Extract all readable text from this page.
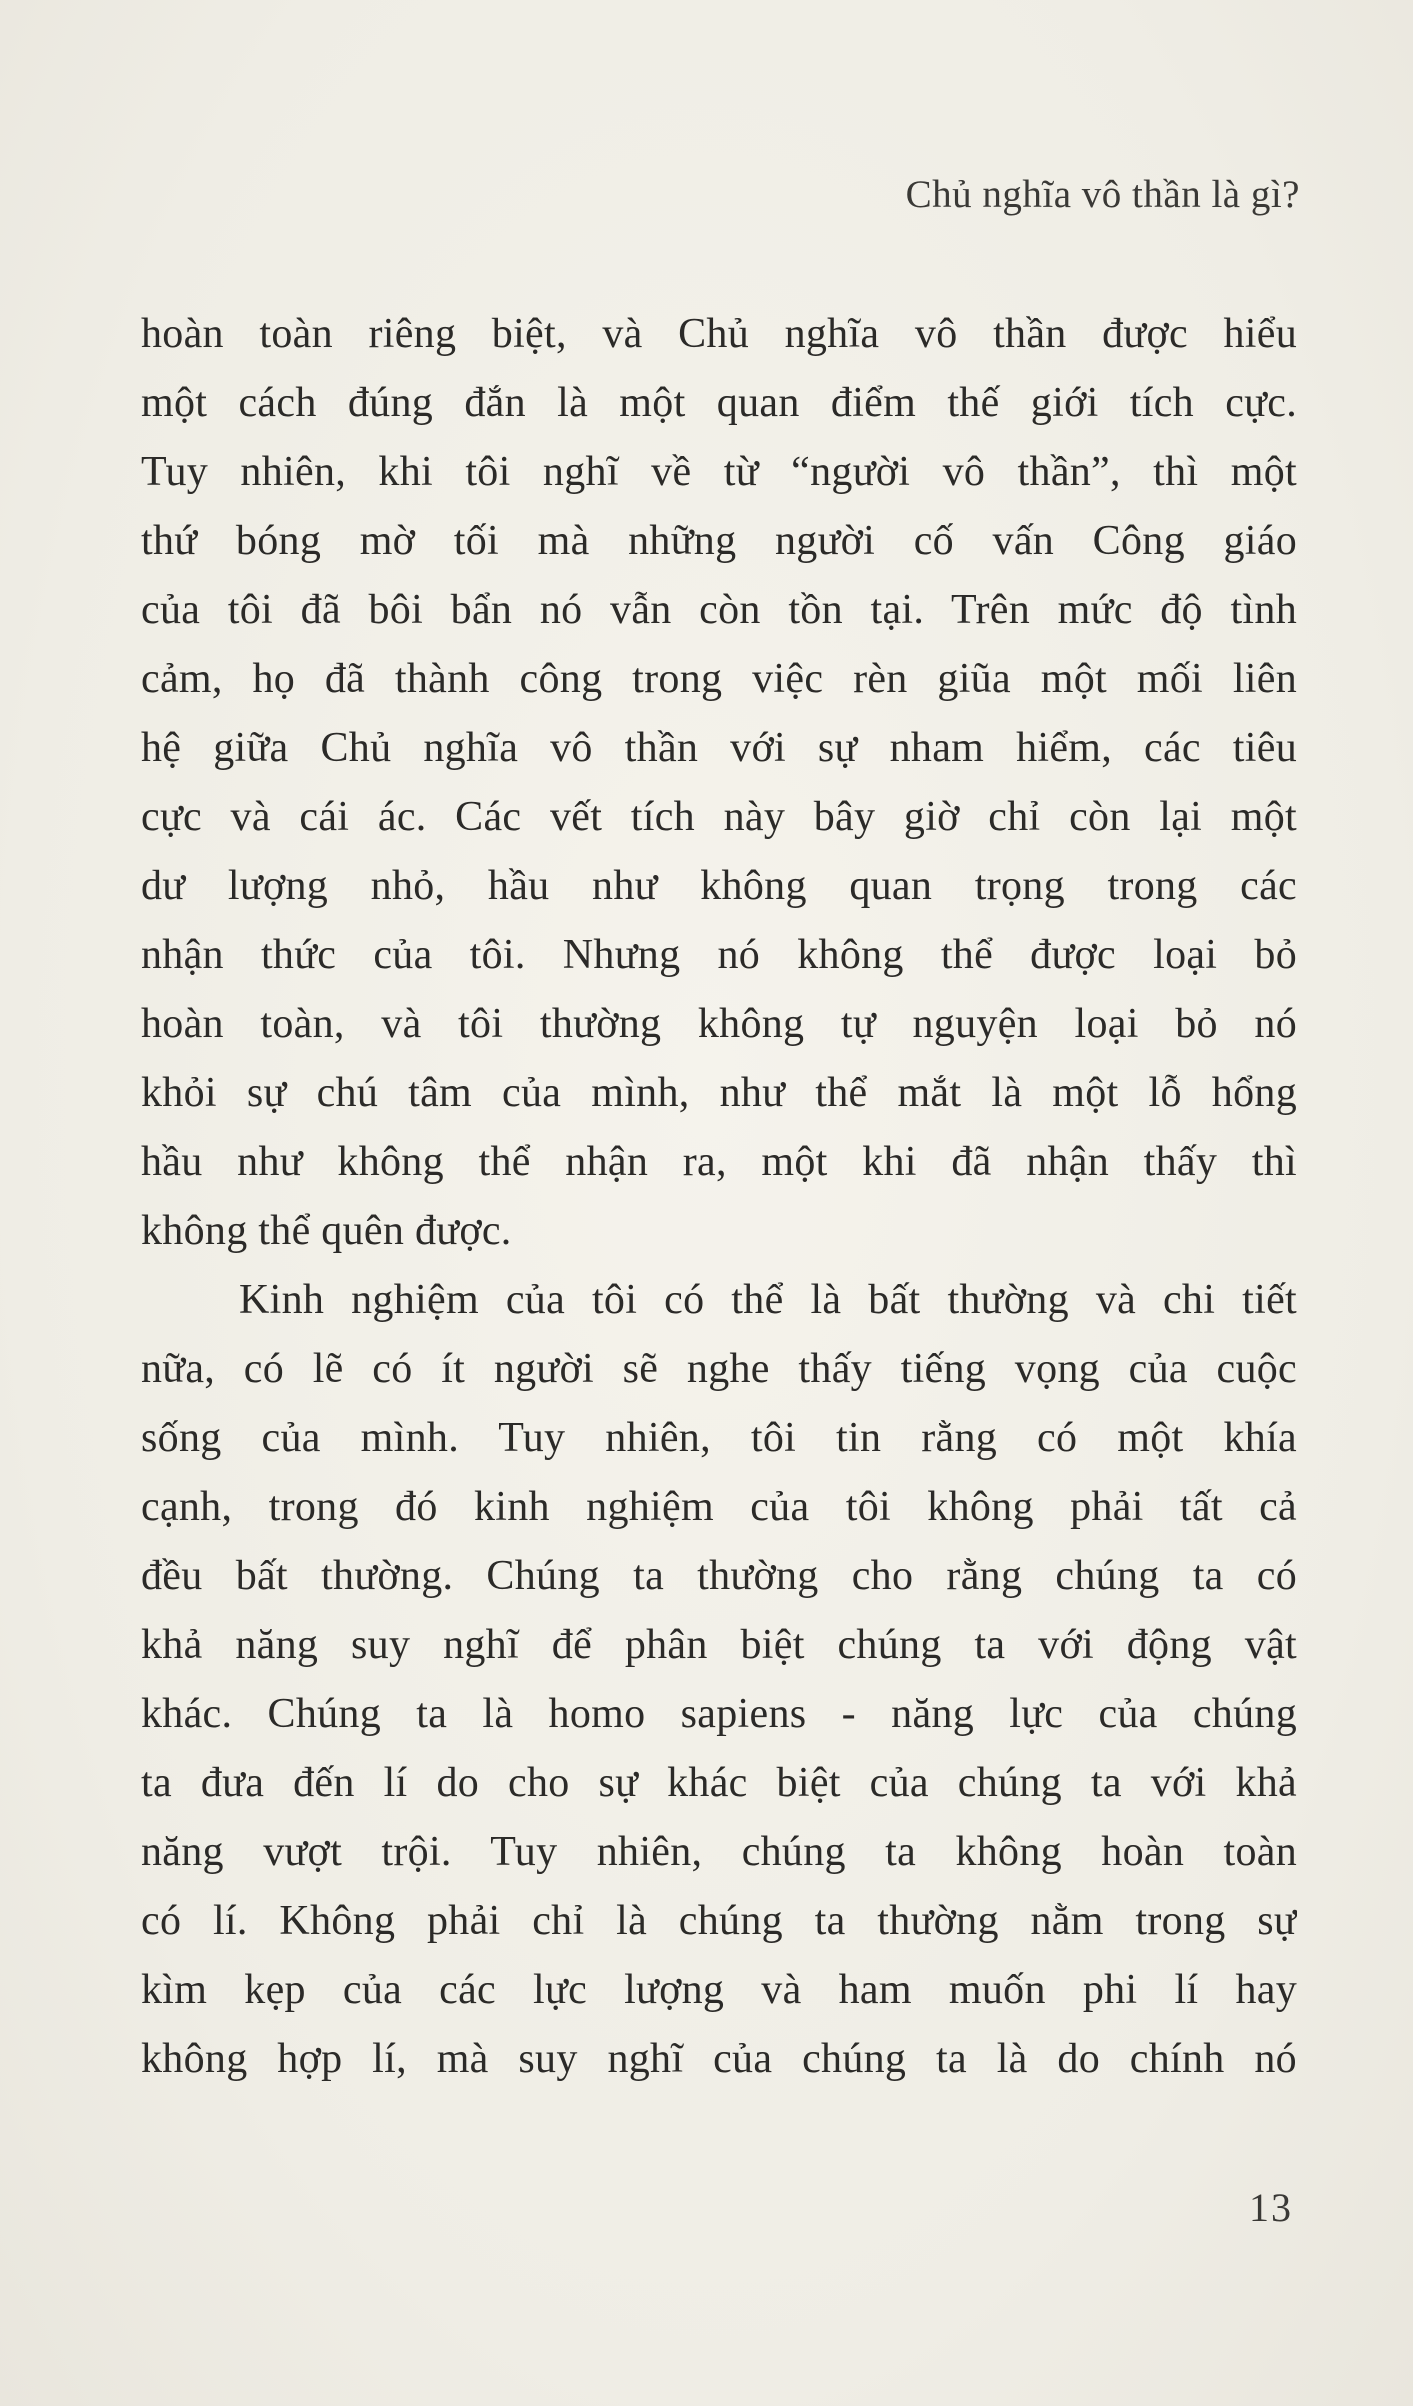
Chủ nghĩa vô thần là gì?
hoàn toàn riêng biệt, và Chủ nghĩa vô thần được hiểu
một cách đúng đắn là một quan điểm thế giới tích cực.
Tuy nhiên, khi tôi nghĩ về từ “người vô thần”, thì một
thứ bóng mờ tối mà những người cố vấn Công giáo
của tôi đã bôi bẩn nó vẫn còn tồn tại. Trên mức độ tình
cảm, họ đã thành công trong việc rèn giũa một mối liên
hệ giữa Chủ nghĩa vô thần với sự nham hiểm, các tiêu
cực và cái ác. Các vết tích này bây giờ chỉ còn lại một
dư lượng nhỏ, hầu như không quan trọng trong các
nhận thức của tôi. Nhưng nó không thể được loại bỏ
hoàn toàn, và tôi thường không tự nguyện loại bỏ nó
khỏi sự chú tâm của mình, như thể mắt là một lỗ hổng
hầu như không thể nhận ra, một khi đã nhận thấy thì
không thể quên được.
Kinh nghiệm của tôi có thể là bất thường và chi tiết
nữa, có lẽ có ít người sẽ nghe thấy tiếng vọng của cuộc
sống của mình. Tuy nhiên, tôi tin rằng có một khía
cạnh, trong đó kinh nghiệm của tôi không phải tất cả
đều bất thường. Chúng ta thường cho rằng chúng ta có
khả năng suy nghĩ để phân biệt chúng ta với động vật
khác. Chúng ta là homo sapiens - năng lực của chúng
ta đưa đến lí do cho sự khác biệt của chúng ta với khả
năng vượt trội. Tuy nhiên, chúng ta không hoàn toàn
có lí. Không phải chỉ là chúng ta thường nằm trong sự
kìm kẹp của các lực lượng và ham muốn phi lí hay
không hợp lí, mà suy nghĩ của chúng ta là do chính nó
13
